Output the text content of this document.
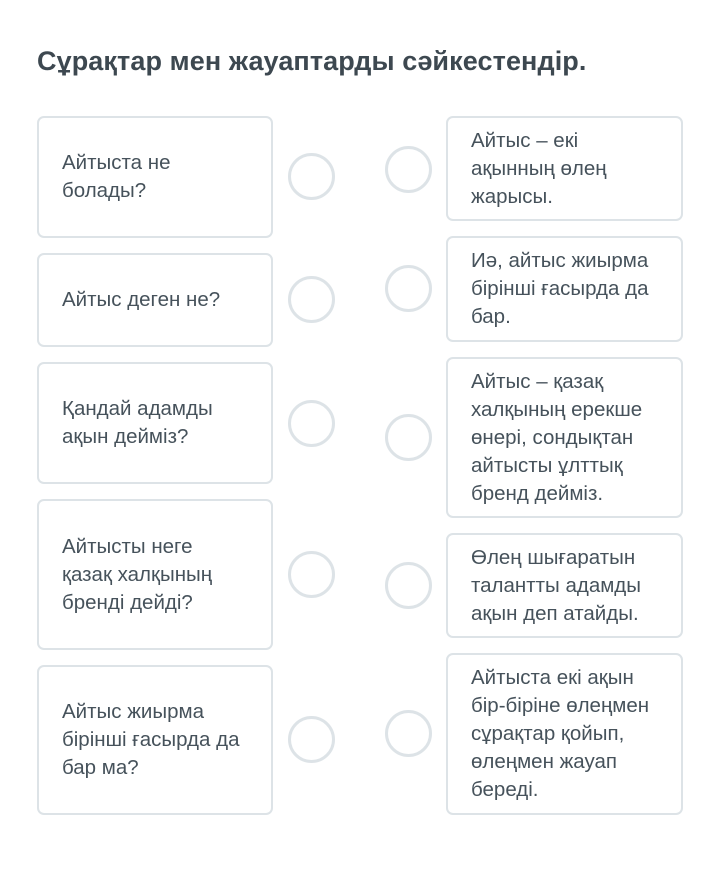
Сұрақтар мен жауаптарды сәйкестендір.
Айтыста не болады?
Айтыс деген не?
Қандай адамды ақын дейміз?
Айтысты неге қазақ халқының бренді дейді?
Айтыс жиырма бірінші ғасырда да бар ма?
Айтыс – екі ақынның өлең жарысы.
Иә, айтыс жиырма бірінші ғасырда да бар.
Айтыс – қазақ халқының ерекше өнері, сондықтан айтысты ұлттық бренд дейміз.
Өлең шығаратын талантты адамды ақын деп атайды.
Айтыста екі ақын бір-біріне өлеңмен сұрақтар қойып, өлеңмен жауап береді.
